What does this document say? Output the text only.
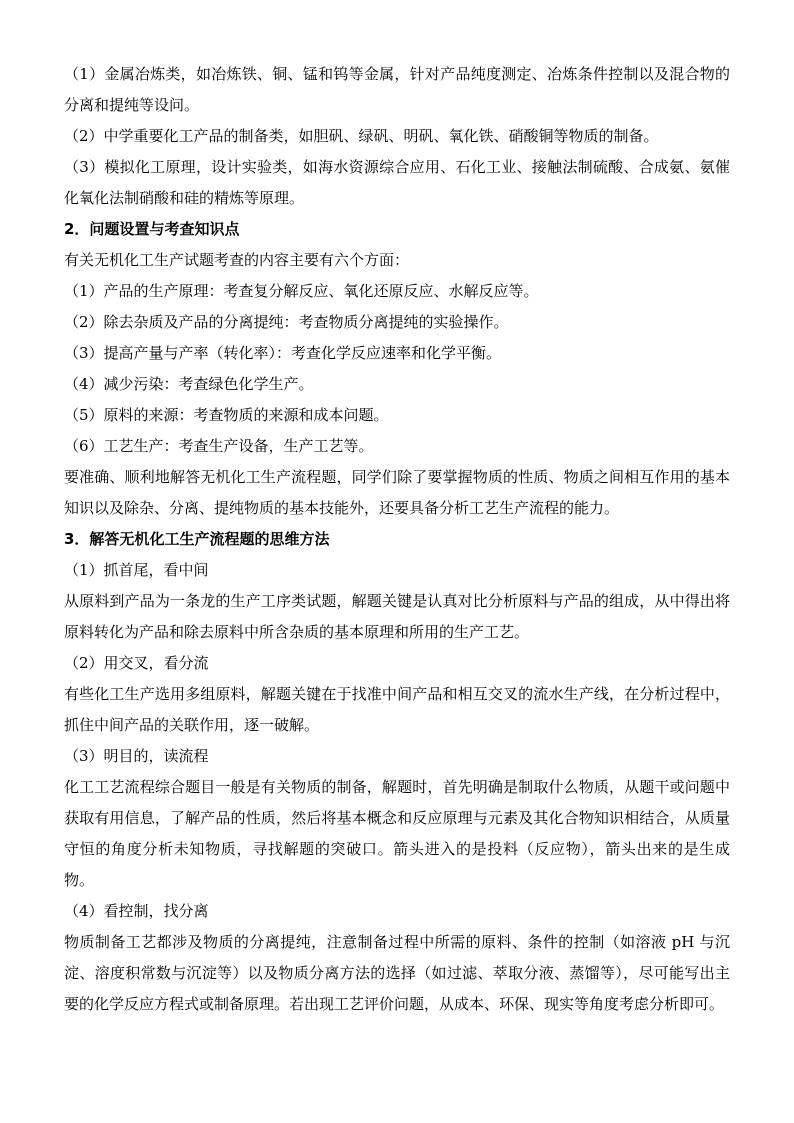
（1）金属冶炼类，如冶炼铁、铜、锰和钨等金属，针对产品纯度测定、冶炼条件控制以及混合物的分离和提纯等设问。

（2）中学重要化工产品的制备类，如胆矾、绿矾、明矾、氧化铁、硝酸铜等物质的制备。

（3）模拟化工原理，设计实验类，如海水资源综合应用、石化工业、接触法制硫酸、合成氨、氨催化氧化法制硝酸和硅的精炼等原理。

2．问题设置与考查知识点

有关无机化工生产试题考查的内容主要有六个方面：

（1）产品的生产原理：考查复分解反应、氧化还原反应、水解反应等。

（2）除去杂质及产品的分离提纯：考查物质分离提纯的实验操作。

（3）提高产量与产率（转化率）：考查化学反应速率和化学平衡。

（4）减少污染：考查绿色化学生产。

（5）原料的来源：考查物质的来源和成本问题。

（6）工艺生产：考查生产设备，生产工艺等。

要准确、顺利地解答无机化工生产流程题，同学们除了要掌握物质的性质、物质之间相互作用的基本知识以及除杂、分离、提纯物质的基本技能外，还要具备分析工艺生产流程的能力。

3．解答无机化工生产流程题的思维方法

（1）抓首尾，看中间

从原料到产品为一条龙的生产工序类试题，解题关键是认真对比分析原料与产品的组成，从中得出将原料转化为产品和除去原料中所含杂质的基本原理和所用的生产工艺。

（2）用交叉，看分流

有些化工生产选用多组原料，解题关键在于找准中间产品和相互交叉的流水生产线，在分析过程中，抓住中间产品的关联作用，逐一破解。

（3）明目的，读流程

化工工艺流程综合题目一般是有关物质的制备，解题时，首先明确是制取什么物质，从题干或问题中获取有用信息，了解产品的性质，然后将基本概念和反应原理与元素及其化合物知识相结合，从质量守恒的角度分析未知物质，寻找解题的突破口。箭头进入的是投料（反应物），箭头出来的是生成物。

（4）看控制，找分离

物质制备工艺都涉及物质的分离提纯，注意制备过程中所需的原料、条件的控制（如溶液 pH 与沉淀、溶度积常数与沉淀等）以及物质分离方法的选择（如过滤、萃取分液、蒸馏等），尽可能写出主要的化学反应方程式或制备原理。若出现工艺评价问题，从成本、环保、现实等角度考虑分析即可。
